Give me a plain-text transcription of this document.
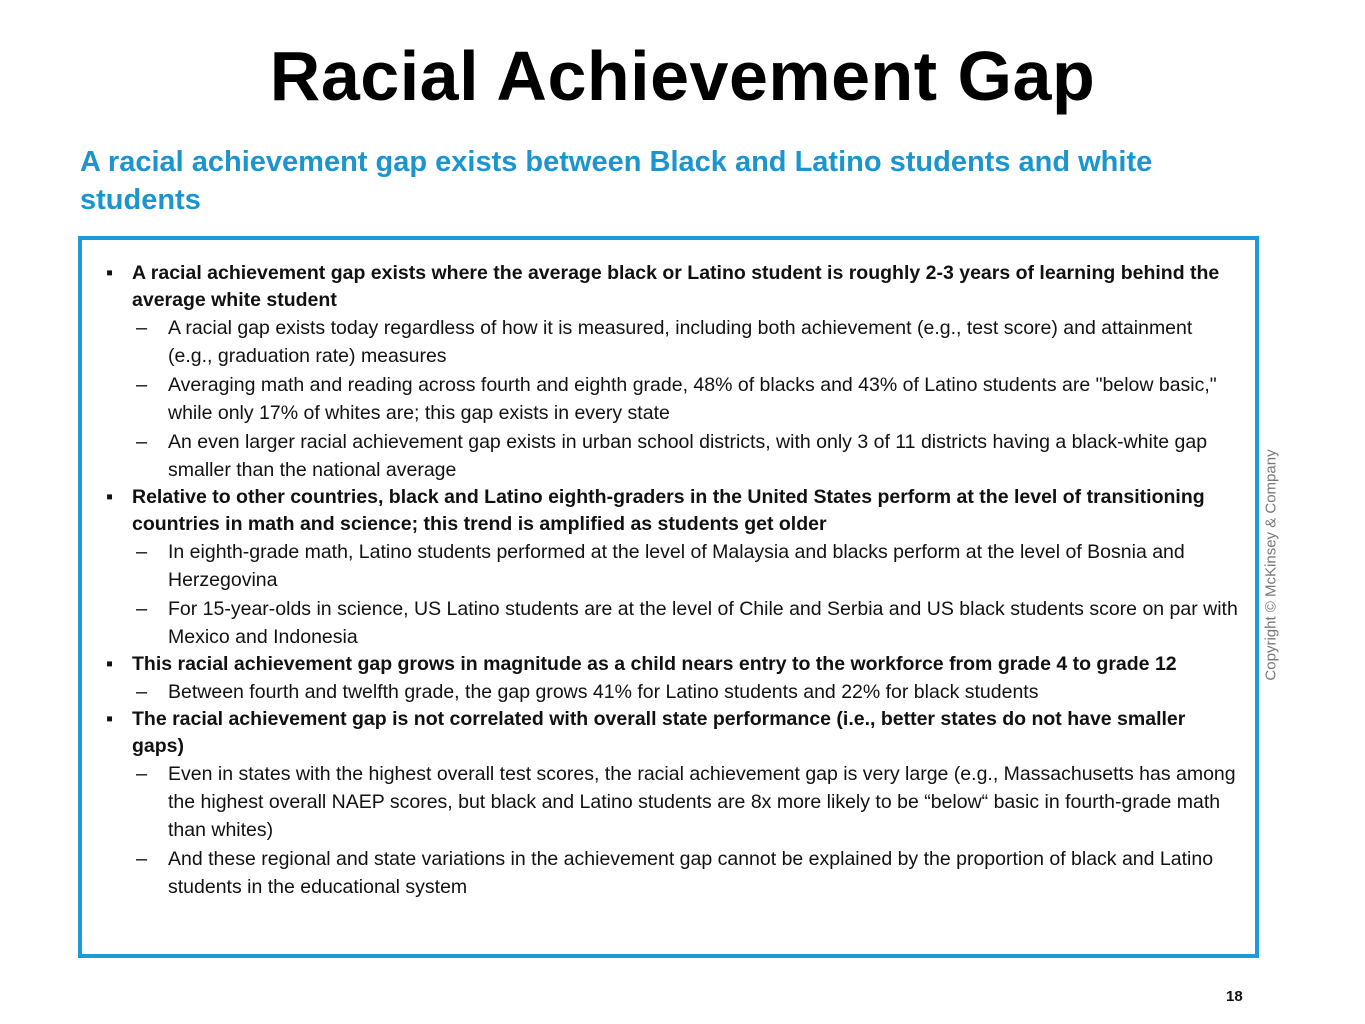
Racial Achievement Gap
A racial achievement gap exists between Black and Latino students and white students
▪ A racial achievement gap exists where the average black or Latino student is roughly 2-3 years of learning behind the average white student
– A racial gap exists today regardless of how it is measured, including both achievement (e.g., test score) and attainment (e.g., graduation rate) measures
– Averaging math and reading across fourth and eighth grade, 48% of blacks and 43% of Latino students are "below basic," while only 17% of whites are; this gap exists in every state
– An even larger racial achievement gap exists in urban school districts, with only 3 of 11 districts having a black-white gap smaller than the national average
▪ Relative to other countries, black and Latino eighth-graders in the United States perform at the level of transitioning countries in math and science; this trend is amplified as students get older
– In eighth-grade math, Latino students performed at the level of Malaysia and blacks perform at the level of Bosnia and Herzegovina
– For 15-year-olds in science, US Latino students are at the level of Chile and Serbia and US black students score on par with Mexico and Indonesia
▪ This racial achievement gap grows in magnitude as a child nears entry to the workforce from grade 4 to grade 12
– Between fourth and twelfth grade, the gap grows 41% for Latino students and 22% for black students
▪ The racial achievement gap is not correlated with overall state performance (i.e., better states do not have smaller gaps)
– Even in states with the highest overall test scores, the racial achievement gap is very large (e.g., Massachusetts has among the highest overall NAEP scores, but black and Latino students are 8x more likely to be “below“ basic in fourth-grade math than whites)
– And these regional and state variations in the achievement gap cannot be explained by the proportion of black and Latino students in the educational system
Copyright © McKinsey & Company
18
